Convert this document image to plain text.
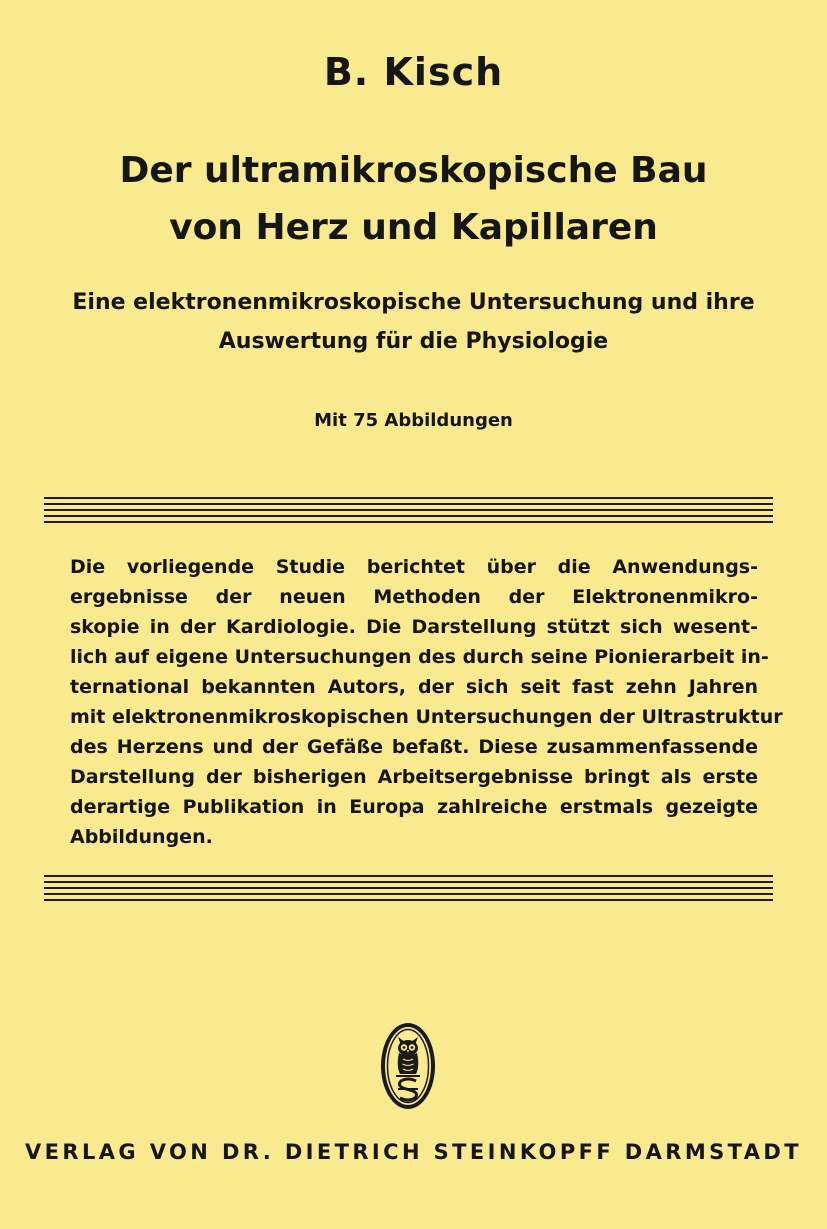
B. Kisch
Der ultramikroskopische Bau
von Herz und Kapillaren
Eine elektronenmikroskopische Untersuchung und ihre
Auswertung für die Physiologie
Mit 75 Abbildungen
Die vorliegende Studie berichtet über die Anwendungs-
ergebnisse der neuen Methoden der Elektronenmikro-
skopie in der Kardiologie. Die Darstellung stützt sich wesent-
lich auf eigene Untersuchungen des durch seine Pionierarbeit in-
ternational bekannten Autors, der sich seit fast zehn Jahren
mit elektronenmikroskopischen Untersuchungen der Ultrastruktur
des Herzens und der Gefäße befaßt. Diese zusammenfassende
Darstellung der bisherigen Arbeitsergebnisse bringt als erste
derartige Publikation in Europa zahlreiche erstmals gezeigte
Abbildungen.
VERLAG VON DR. DIETRICH STEINKOPFF DARMSTADT
